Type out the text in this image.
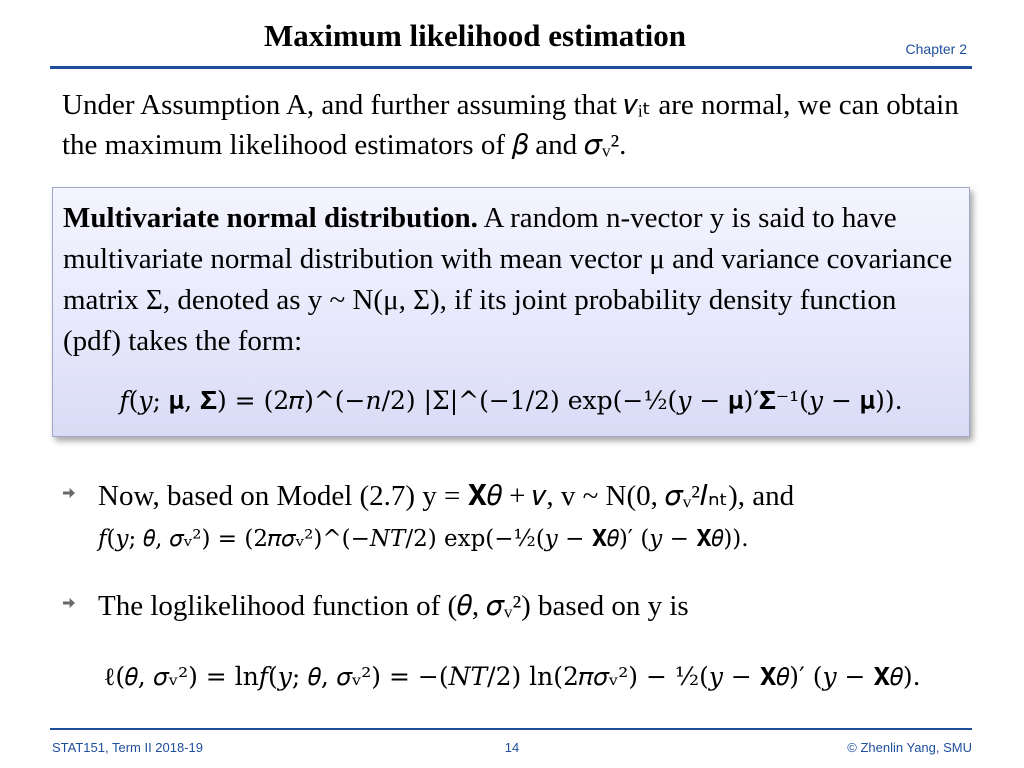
Maximum likelihood estimation	Chapter 2
Under Assumption A, and further assuming that 𝑣ᵢₜ are normal, we can obtain the maximum likelihood estimators of 𝛽 and 𝜎ᵥ².
Multivariate normal distribution. A random n-vector y is said to have multivariate normal distribution with mean vector μ and variance covariance matrix Σ, denoted as y ~ N(μ, Σ), if its joint probability density function (pdf) takes the form:
𝑓(𝑦; 𝛍, 𝚺) = (2𝜋)^(−𝑛/2) |Σ|^(−1/2) exp(−½(𝑦 − 𝛍)′𝚺⁻¹(𝑦 − 𝛍)).
Now, based on Model (2.7) y = 𝐗𝜃 + 𝑣, v ~ N(0, 𝜎ᵥ²𝐼ₙₜ), and
𝑓(𝑦; 𝜃, 𝜎ᵥ²) = (2𝜋𝜎ᵥ²)^(−𝑁𝑇/2) exp(−½(𝑦 − 𝐗𝜃)′ (𝑦 − 𝐗𝜃)).
The loglikelihood function of (𝜃, 𝜎ᵥ²) based on y is
ℓ(𝜃, 𝜎ᵥ²) = ln𝑓(𝑦; 𝜃, 𝜎ᵥ²) = −(𝑁𝑇/2) ln(2𝜋𝜎ᵥ²) − ½(𝑦 − 𝐗𝜃)′ (𝑦 − 𝐗𝜃).
STAT151, Term II 2018-19	14	© Zhenlin Yang, SMU
